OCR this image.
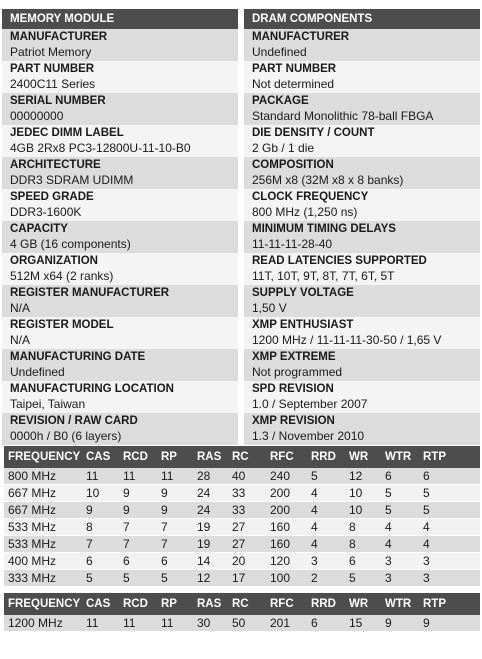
MEMORY MODULE
MANUFACTURER
Patriot Memory
PART NUMBER
2400C11 Series
SERIAL NUMBER
00000000
JEDEC DIMM LABEL
4GB 2Rx8 PC3-12800U-11-10-B0
ARCHITECTURE
DDR3 SDRAM UDIMM
SPEED GRADE
DDR3-1600K
CAPACITY
4 GB (16 components)
ORGANIZATION
512M x64 (2 ranks)
REGISTER MANUFACTURER
N/A
REGISTER MODEL
N/A
MANUFACTURING DATE
Undefined
MANUFACTURING LOCATION
Taipei, Taiwan
REVISION / RAW CARD
0000h / B0 (6 layers)
DRAM COMPONENTS
MANUFACTURER
Undefined
PART NUMBER
Not determined
PACKAGE
Standard Monolithic 78-ball FBGA
DIE DENSITY / COUNT
2 Gb / 1 die
COMPOSITION
256M x8 (32M x8 x 8 banks)
CLOCK FREQUENCY
800 MHz (1,250 ns)
MINIMUM TIMING DELAYS
11-11-11-28-40
READ LATENCIES SUPPORTED
11T, 10T, 9T, 8T, 7T, 6T, 5T
SUPPLY VOLTAGE
1,50 V
XMP ENTHUSIAST
1200 MHz / 11-11-11-30-50 / 1,65 V
XMP EXTREME
Not programmed
SPD REVISION
1.0 / September 2007
XMP REVISION
1.3 / November 2010
FREQUENCY	CAS	RCD	RP	RAS	RC	RFC	RRD	WR	WTR	RTP
800 MHz	11	11	11	28	40	240	5	12	6	6
667 MHz	10	9	9	24	33	200	4	10	5	5
667 MHz	9	9	9	24	33	200	4	10	5	5
533 MHz	8	7	7	19	27	160	4	8	4	4
533 MHz	7	7	7	19	27	160	4	8	4	4
400 MHz	6	6	6	14	20	120	3	6	3	3
333 MHz	5	5	5	12	17	100	2	5	3	3
FREQUENCY	CAS	RCD	RP	RAS	RC	RFC	RRD	WR	WTR	RTP
1200 MHz	11	11	11	30	50	201	6	15	9	9
